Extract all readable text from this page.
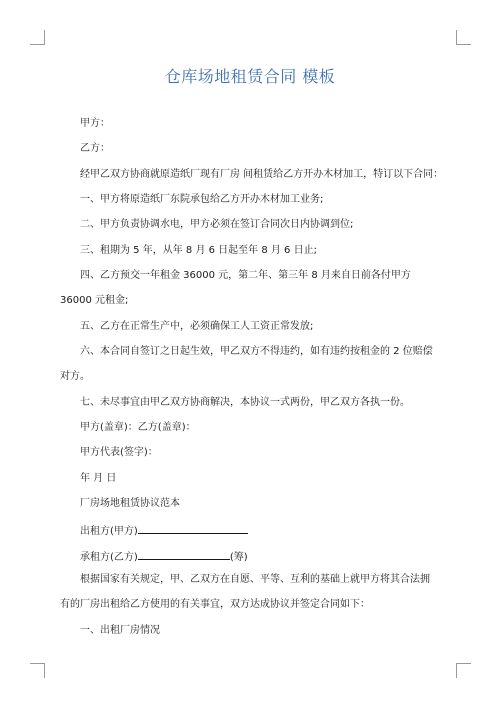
仓库场地租赁合同 模板
甲方：
乙方：
经甲乙双方协商就原造纸厂现有厂房 间租赁给乙方开办木材加工，特订以下合同：
一、甲方将原造纸厂东院承包给乙方开办木材加工业务;
二、甲方负责协调水电，甲方必须在签订合同次日内协调到位;
三、租期为 5 年，从年 8 月 6 日起至年 8 月 6 日止;
四、乙方预交一年租金 36000 元，第二年、第三年 8 月来自日前各付甲方
36000 元租金;
五、乙方在正常生产中，必须确保工人工资正常发放;
六、本合同自签订之日起生效，甲乙双方不得违约，如有违约按租金的 2 位赔偿
对方。
七、未尽事宜由甲乙双方协商解决，本协议一式两份，甲乙双方各执一份。
甲方(盖章)：乙方(盖章)：
甲方代表(签字)：
年 月 日
厂房场地租赁协议范本
出租方(甲方)
承租方(乙方)	(筹)
根据国家有关规定，甲、乙双方在自愿、平等、互利的基础上就甲方将其合法拥
有的厂房出租给乙方使用的有关事宜，双方达成协议并签定合同如下：
一、出租厂房情况
